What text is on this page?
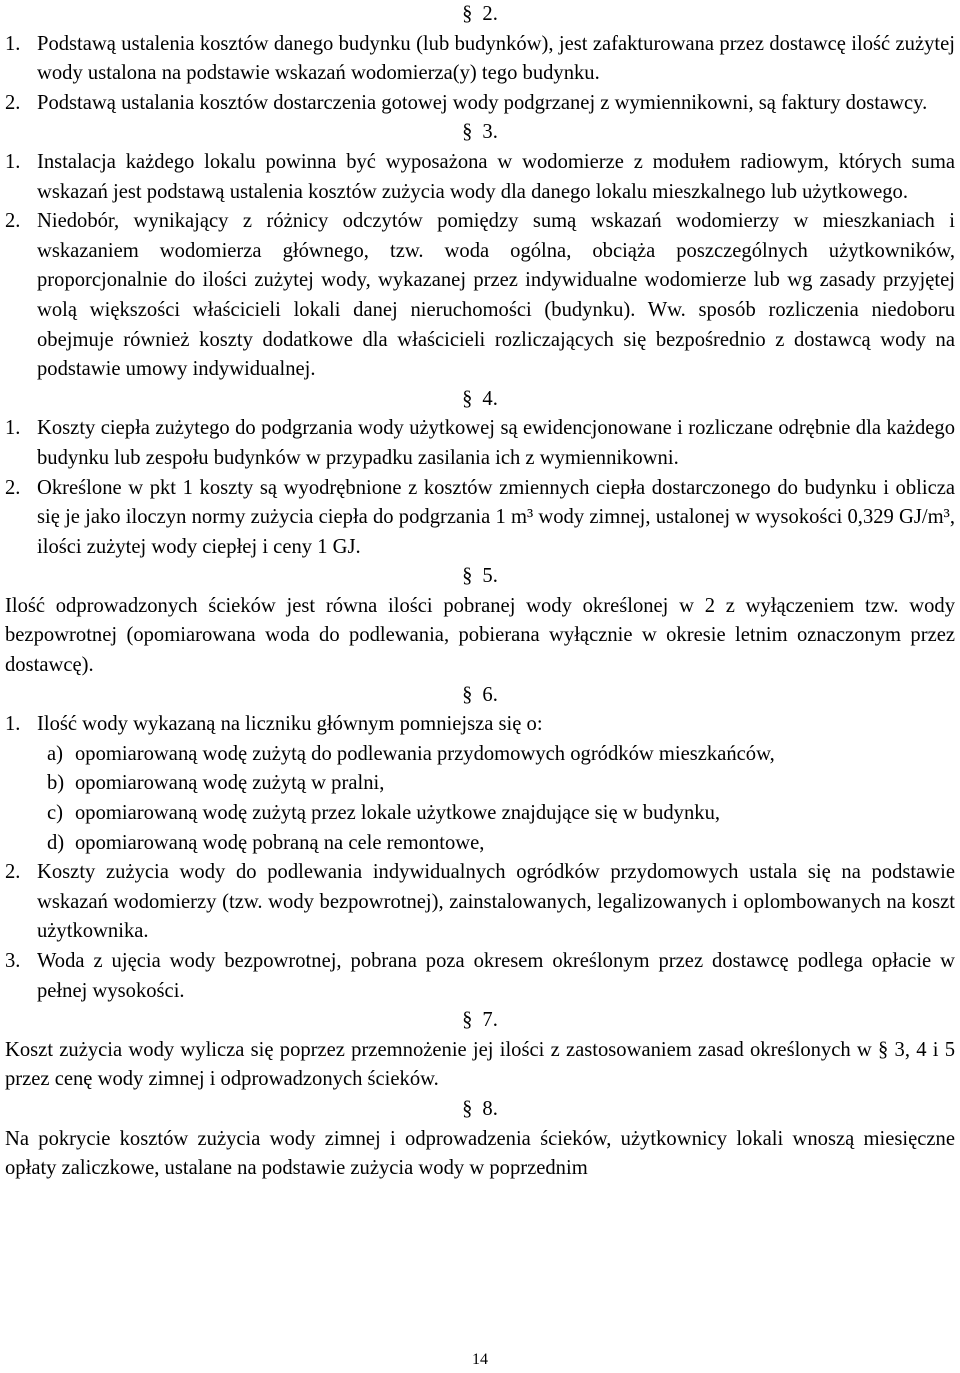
§ 2.
1. Podstawą ustalenia kosztów danego budynku (lub budynków), jest zafakturowana przez dostawcę ilość zużytej wody ustalona na podstawie wskazań wodomierza(y) tego budynku.
2. Podstawą ustalania kosztów dostarczenia gotowej wody podgrzanej z wymiennikowni, są faktury dostawcy.
§ 3.
1. Instalacja każdego lokalu powinna być wyposażona w wodomierze z modułem radiowym, których suma wskazań jest podstawą ustalenia kosztów zużycia wody dla danego lokalu mieszkalnego lub użytkowego.
2. Niedobór, wynikający z różnicy odczytów pomiędzy sumą wskazań wodomierzy w mieszkaniach i wskazaniem wodomierza głównego, tzw. woda ogólna, obciąża poszczególnych użytkowników, proporcjonalnie do ilości zużytej wody, wykazanej przez indywidualne wodomierze lub wg zasady przyjętej wolą większości właścicieli lokali danej nieruchomości (budynku). Ww. sposób rozliczenia niedoboru obejmuje również koszty dodatkowe dla właścicieli rozliczających się bezpośrednio z dostawcą wody na podstawie umowy indywidualnej.
§ 4.
1. Koszty ciepła zużytego do podgrzania wody użytkowej są ewidencjonowane i rozliczane odrębnie dla każdego budynku lub zespołu budynków w przypadku zasilania ich z wymiennikowni.
2. Określone w pkt 1 koszty są wyodrębnione z kosztów zmiennych ciepła dostarczonego do budynku i oblicza się je jako iloczyn normy zużycia ciepła do podgrzania 1 m³ wody zimnej, ustalonej w wysokości 0,329 GJ/m³, ilości zużytej wody ciepłej i ceny 1 GJ.
§ 5.

Ilość odprowadzonych ścieków jest równa ilości pobranej wody określonej w 2 z wyłączeniem tzw. wody bezpowrotnej (opomiarowana woda do podlewania, pobierana wyłącznie w okresie letnim oznaczonym przez dostawcę).

§ 6.
1. Ilość wody wykazaną na liczniku głównym pomniejsza się o:
a) opomiarowaną wodę zużytą do podlewania przydomowych ogródków mieszkańców,
b) opomiarowaną wodę zużytą w pralni,
c) opomiarowaną wodę zużytą przez lokale użytkowe znajdujące się w budynku,
d) opomiarowaną wodę pobraną na cele remontowe,
2. Koszty zużycia wody do podlewania indywidualnych ogródków przydomowych ustala się na podstawie wskazań wodomierzy (tzw. wody bezpowrotnej), zainstalowanych, legalizowanych i oplombowanych na koszt użytkownika.
3. Woda z ujęcia wody bezpowrotnej, pobrana poza okresem określonym przez dostawcę podlega opłacie w pełnej wysokości.
§ 7.

Koszt zużycia wody wylicza się poprzez przemnożenie jej ilości z zastosowaniem zasad określonych w § 3, 4 i 5 przez cenę wody zimnej i odprowadzonych ścieków.

§ 8.

Na pokrycie kosztów zużycia wody zimnej i odprowadzenia ścieków, użytkownicy lokali wnoszą miesięczne opłaty zaliczkowe, ustalane na podstawie zużycia wody w poprzednim

14
